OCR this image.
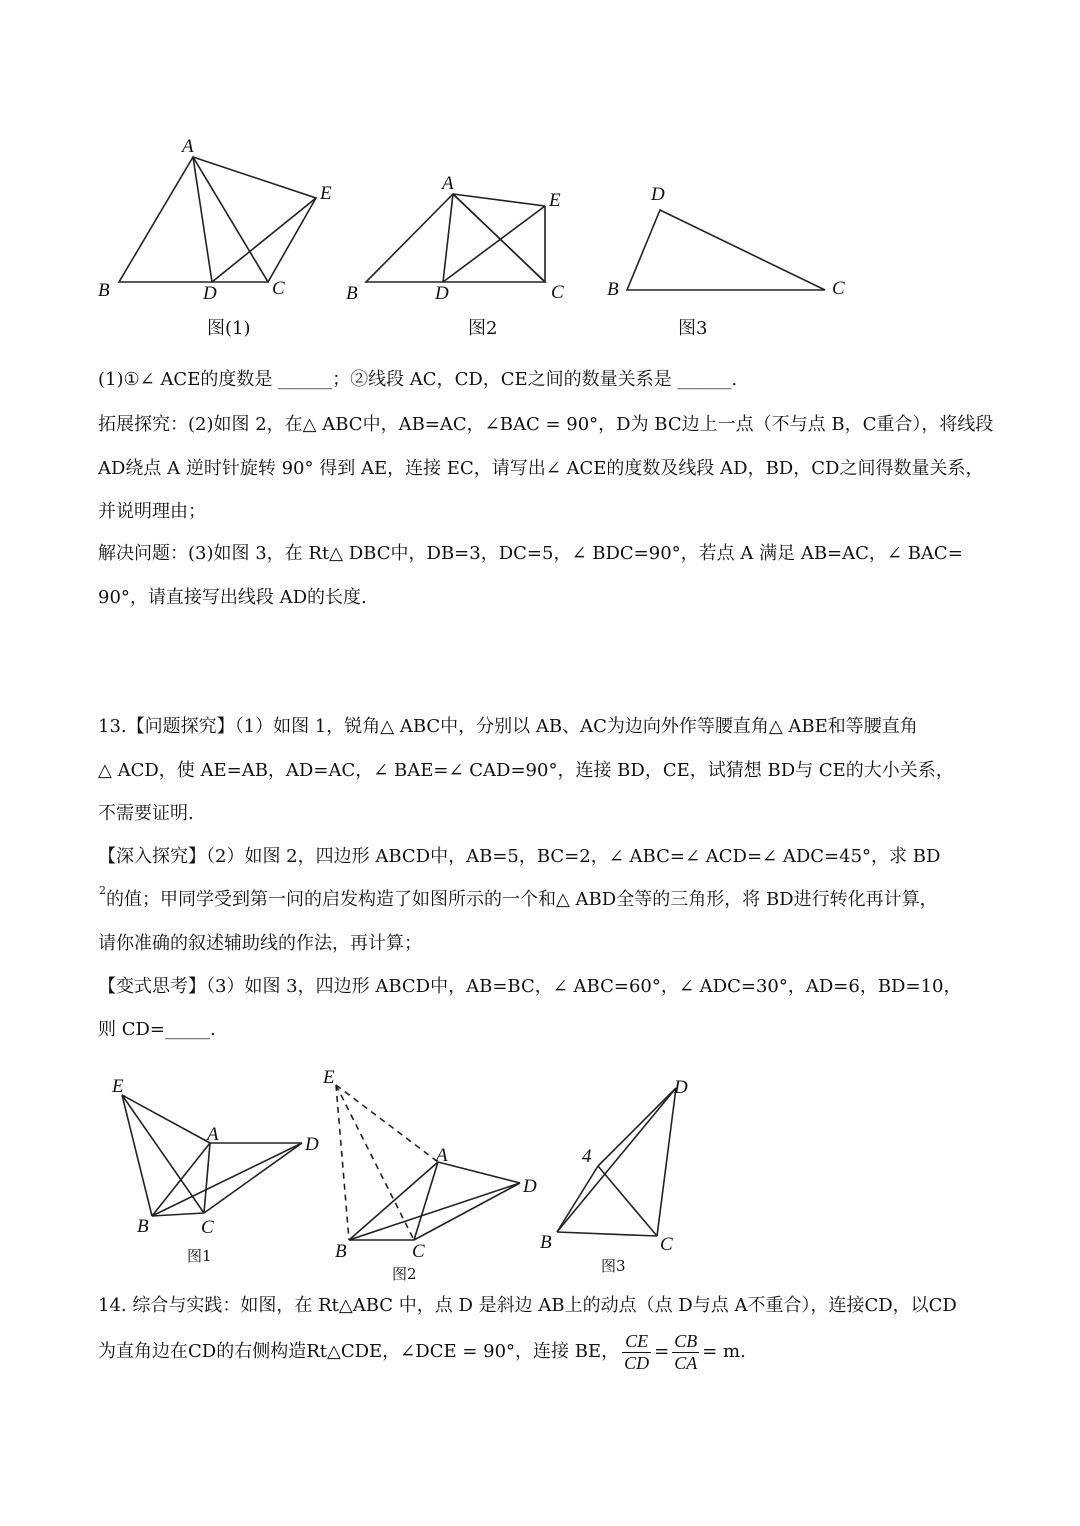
A
B	C
D
E	A
B	C
D
E	D
B	C
图(1)	图2	图3
(1)①∠ ACE的度数是 ______；②线段 AC，CD，CE之间的数量关系是 ______.
拓展探究：(2)如图 2，在△ ABC中，AB=AC，∠BAC = 90°，D为 BC边上一点（不与点 B，C重合），将线段
AD绕点 A 逆时针旋转 90° 得到 AE，连接 EC，请写出∠ ACE的度数及线段 AD，BD，CD之间得数量关系，
并说明理由；
解决问题：(3)如图 3，在 Rt△ DBC中，DB=3，DC=5，∠ BDC=90°，若点 A 满足 AB=AC，∠ BAC=
90°，请直接写出线段 AD的长度.
13.【问题探究】（1）如图 1，锐角△ ABC中，分别以 AB、AC为边向外作等腰直角△ ABE和等腰直角
△ ACD，使 AE=AB，AD=AC，∠ BAE=∠ CAD=90°，连接 BD，CE，试猜想 BD与 CE的大小关系，
不需要证明.
【深入探究】（2）如图 2，四边形 ABCD中，AB=5，BC=2，∠ ABC=∠ ACD=∠ ADC=45°，求 BD
2 的值；甲同学受到第一问的启发构造了如图所示的一个和△ ABD全等的三角形，将 BD进行转化再计算，
请你准确的叙述辅助线的作法，再计算；
【变式思考】（3）如图 3，四边形 ABCD中，AB=BC，∠ ABC=60°，∠ ADC=30°，AD=6，BD=10，
则 CD=_____.
E
A	D
B	C
E
A
D
B	C
D
4
B	C
图1
图2	图3
14. 综合与实践：如图，在 Rt△ABC 中，点 D 是斜边 AB上的动点（点 D与点 A不重合），连接CD，以CD
为直角边在CD的右侧构造Rt△CDE，∠DCE = 90°，连接 BE， $\frac{CE}{CD} = \frac{CB}{CA} = m$.
